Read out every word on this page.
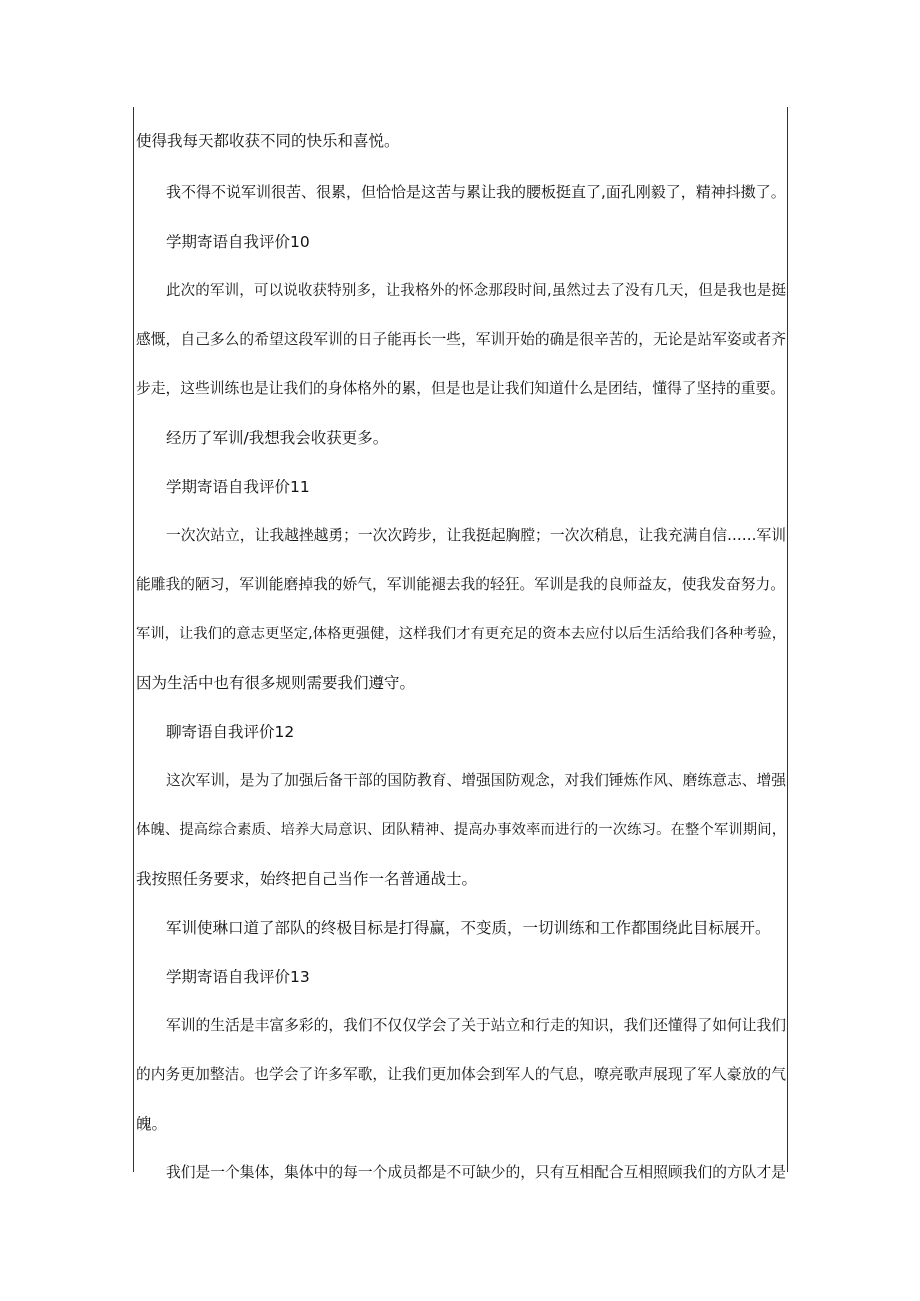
使得我每天都收获不同的快乐和喜悦。
我不得不说军训很苦、很累，但恰恰是这苦与累让我的腰板挺直了,面孔刚毅了，精神抖擞了。
学期寄语自我评价10
此次的军训，可以说收获特别多，让我格外的怀念那段时间,虽然过去了没有几天，但是我也是挺
感慨，自己多么的希望这段军训的日子能再长一些，军训开始的确是很辛苦的，无论是站军姿或者齐
步走，这些训练也是让我们的身体格外的累，但是也是让我们知道什么是团结，懂得了坚持的重要。
经历了军训/我想我会收获更多。
学期寄语自我评价11
一次次站立，让我越挫越勇；一次次跨步，让我挺起胸膛；一次次稍息，让我充满自信……军训
能雕我的陋习，军训能磨掉我的娇气，军训能褪去我的轻狂。军训是我的良师益友，使我发奋努力。
军训，让我们的意志更坚定,体格更强健，这样我们才有更充足的资本去应付以后生活给我们各种考验，
因为生活中也有很多规则需要我们遵守。
聊寄语自我评价12
这次军训，是为了加强后备干部的国防教育、增强国防观念，对我们锤炼作风、磨练意志、增强
体魄、提高综合素质、培养大局意识、团队精神、提高办事效率而进行的一次练习。在整个军训期间，
我按照任务要求，始终把自己当作一名普通战士。
军训使琳口道了部队的终极目标是打得赢，不变质，一切训练和工作都围绕此目标展开。
学期寄语自我评价13
军训的生活是丰富多彩的，我们不仅仅学会了关于站立和行走的知识，我们还懂得了如何让我们
的内务更加整洁。也学会了许多军歌，让我们更加体会到军人的气息，嘹亮歌声展现了军人豪放的气
魄。
我们是一个集体，集体中的每一个成员都是不可缺少的，只有互相配合互相照顾我们的方队才是
